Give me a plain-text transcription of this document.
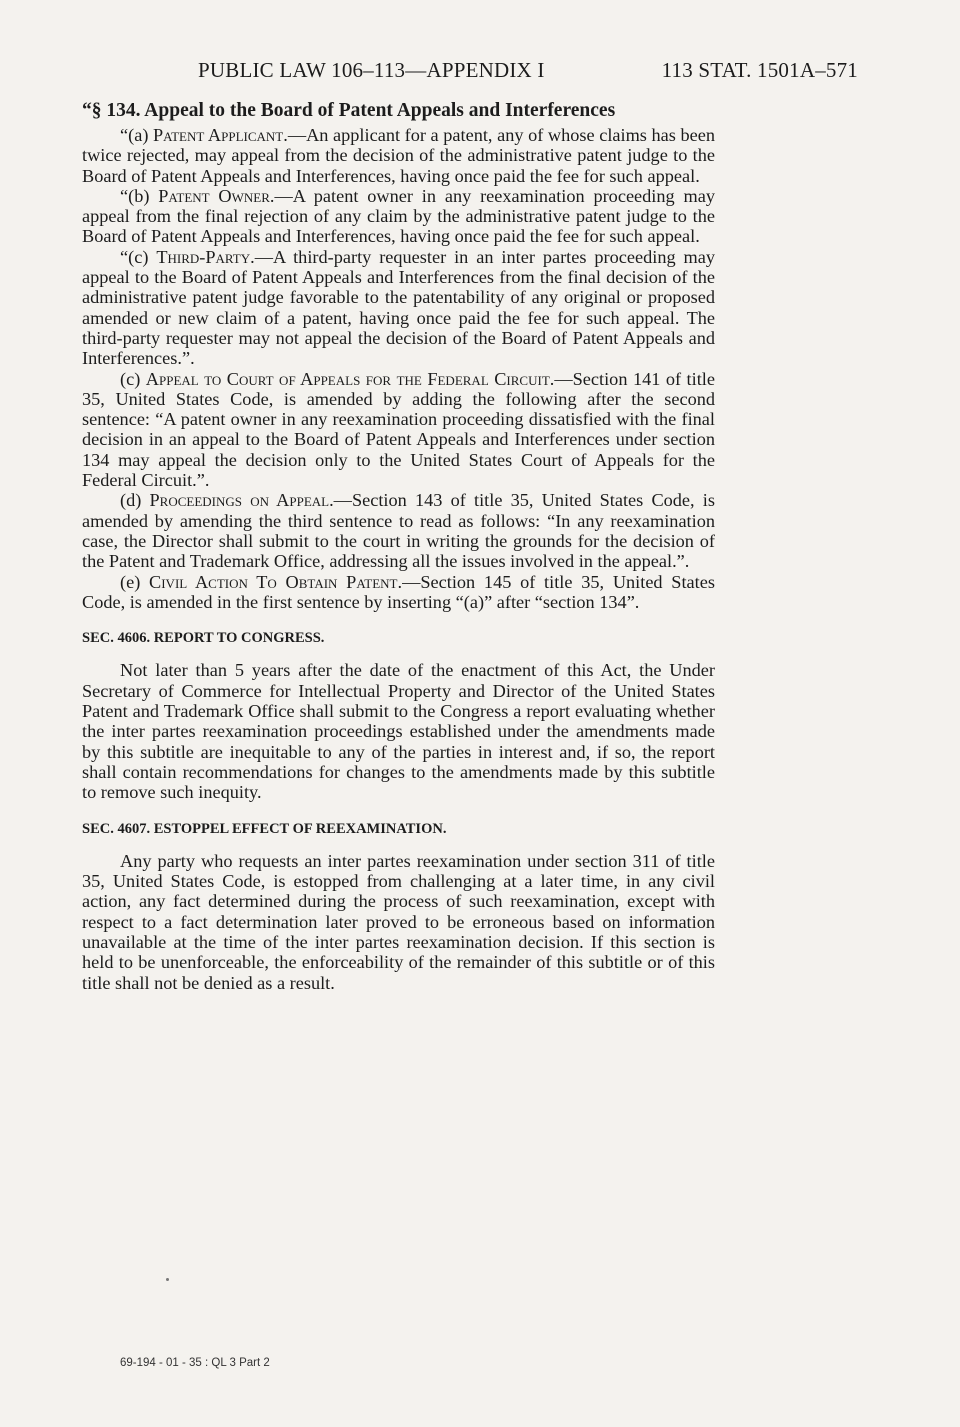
PUBLIC LAW 106–113—APPENDIX I	113 STAT. 1501A–571

“§ 134. Appeal to the Board of Patent Appeals and Interferences

“(a) Patent Applicant.—An applicant for a patent, any of whose claims has been twice rejected, may appeal from the decision of the administrative patent judge to the Board of Patent Appeals and Interferences, having once paid the fee for such appeal.

“(b) Patent Owner.—A patent owner in any reexamination proceeding may appeal from the final rejection of any claim by the administrative patent judge to the Board of Patent Appeals and Interferences, having once paid the fee for such appeal.

“(c) Third-Party.—A third-party requester in an inter partes proceeding may appeal to the Board of Patent Appeals and Interferences from the final decision of the administrative patent judge favorable to the patentability of any original or proposed amended or new claim of a patent, having once paid the fee for such appeal. The third-party requester may not appeal the decision of the Board of Patent Appeals and Interferences.”.

(c) Appeal to Court of Appeals for the Federal Circuit.—Section 141 of title 35, United States Code, is amended by adding the following after the second sentence: “A patent owner in any reexamination proceeding dissatisfied with the final decision in an appeal to the Board of Patent Appeals and Interferences under section 134 may appeal the decision only to the United States Court of Appeals for the Federal Circuit.”.

(d) Proceedings on Appeal.—Section 143 of title 35, United States Code, is amended by amending the third sentence to read as follows: “In any reexamination case, the Director shall submit to the court in writing the grounds for the decision of the Patent and Trademark Office, addressing all the issues involved in the appeal.”.

(e) Civil Action To Obtain Patent.—Section 145 of title 35, United States Code, is amended in the first sentence by inserting “(a)” after “section 134”.

SEC. 4606. REPORT TO CONGRESS.

Not later than 5 years after the date of the enactment of this Act, the Under Secretary of Commerce for Intellectual Property and Director of the United States Patent and Trademark Office shall submit to the Congress a report evaluating whether the inter partes reexamination proceedings established under the amendments made by this subtitle are inequitable to any of the parties in interest and, if so, the report shall contain recommendations for changes to the amendments made by this subtitle to remove such inequity.

SEC. 4607. ESTOPPEL EFFECT OF REEXAMINATION.

Any party who requests an inter partes reexamination under section 311 of title 35, United States Code, is estopped from challenging at a later time, in any civil action, any fact determined during the process of such reexamination, except with respect to a fact determination later proved to be erroneous based on information unavailable at the time of the inter partes reexamination decision. If this section is held to be unenforceable, the enforceability of the remainder of this subtitle or of this title shall not be denied as a result.

69-194 - 01 - 35 : QL 3 Part 2
